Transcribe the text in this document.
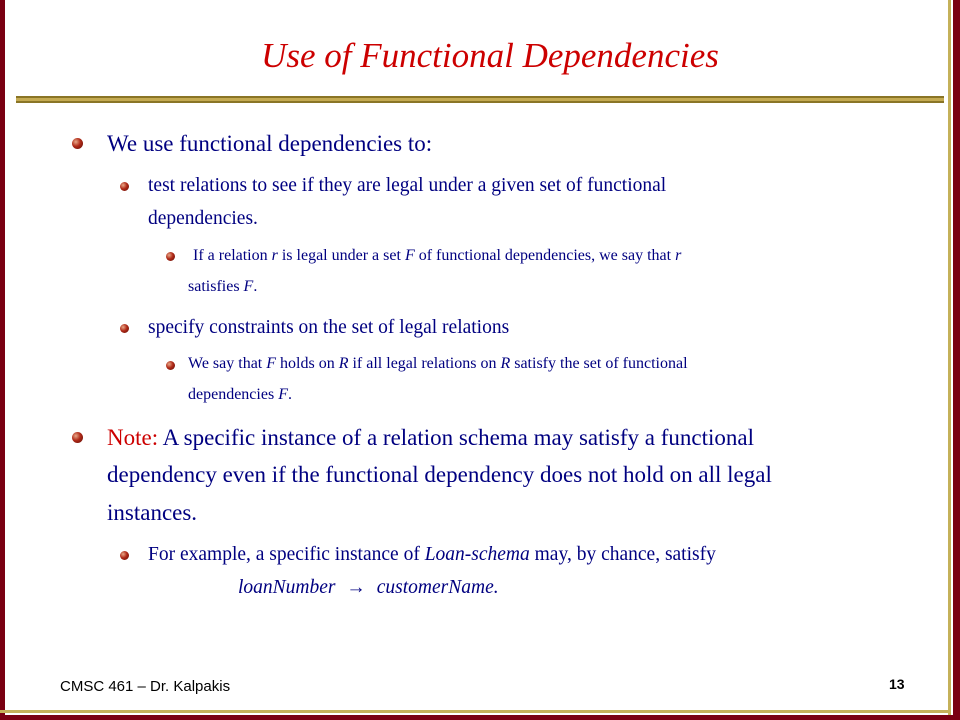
Use of Functional Dependencies
We use functional dependencies to:
test relations to see if they are legal under a given set of functional
dependencies.
If a relation r is legal under a set F of functional dependencies, we say that r
satisfies F.
specify constraints on the set of legal relations
We say that F holds on R if all legal relations on R satisfy the set of functional
dependencies F.
Note: A specific instance of a relation schema may satisfy a functional
dependency even if the functional dependency does not hold on all legal
instances.
For example, a specific instance of Loan-schema may, by chance, satisfy
loanNumber → customerName.
CMSC 461 – Dr. Kalpakis	13
